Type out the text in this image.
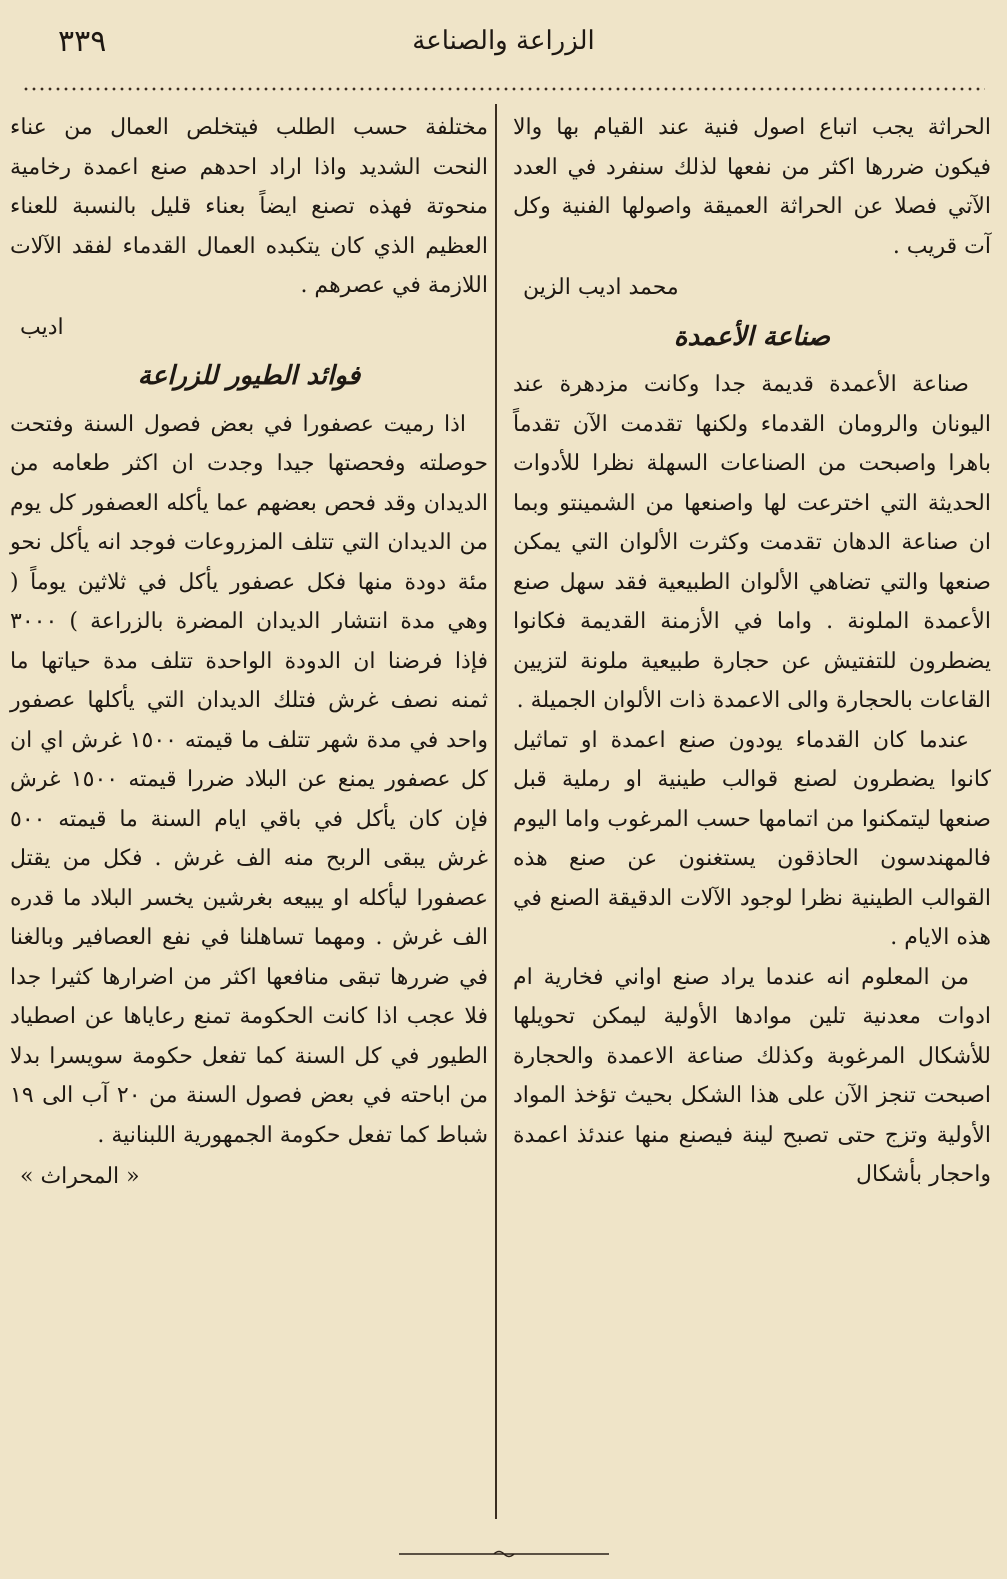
الزراعة والصناعة
٣٣٩

الحراثة يجب اتباع اصول فنية عند القيام بها والا فيكون ضررها اكثر من نفعها لذلك سنفرد في العدد الآتي فصلا عن الحراثة العميقة واصولها الفنية وكل آت قريب .

محمد اديب الزين
صناعة الأعمدة

صناعة الأعمدة قديمة جدا وكانت مزدهرة عند اليونان والرومان القدماء ولكنها تقدمت الآن تقدماً باهرا واصبحت من الصناعات السهلة نظرا للأدوات الحديثة التي اخترعت لها واصنعها من الشمينتو وبما ان صناعة الدهان تقدمت وكثرت الألوان التي يمكن صنعها والتي تضاهي الألوان الطبيعية فقد سهل صنع الأعمدة الملونة . واما في الأزمنة القديمة فكانوا يضطرون للتفتيش عن حجارة طبيعية ملونة لتزيين القاعات بالحجارة والى الاعمدة ذات الألوان الجميلة .

عندما كان القدماء يودون صنع اعمدة او تماثيل كانوا يضطرون لصنع قوالب طينية او رملية قبل صنعها ليتمكنوا من اتمامها حسب المرغوب واما اليوم فالمهندسون الحاذقون يستغنون عن صنع هذه القوالب الطينية نظرا لوجود الآلات الدقيقة الصنع في هذه الايام .

من المعلوم انه عندما يراد صنع اواني فخارية ام ادوات معدنية تلين موادها الأولية ليمكن تحويلها للأشكال المرغوبة وكذلك صناعة الاعمدة والحجارة اصبحت تنجز الآن على هذا الشكل بحيث تؤخذ المواد الأولية وتزج حتى تصبح لينة فيصنع منها عندئذ اعمدة واحجار بأشكال

مختلفة حسب الطلب فيتخلص العمال من عناء النحت الشديد واذا اراد احدهم صنع اعمدة رخامية منحوتة فهذه تصنع ايضاً بعناء قليل بالنسبة للعناء العظيم الذي كان يتكبده العمال القدماء لفقد الآلات اللازمة في عصرهم .

اديب
فوائد الطيور للزراعة

اذا رميت عصفورا في بعض فصول السنة وفتحت حوصلته وفحصتها جيدا وجدت ان اكثر طعامه من الديدان وقد فحص بعضهم عما يأكله العصفور كل يوم من الديدان التي تتلف المزروعات فوجد انه يأكل نحو مئة دودة منها فكل عصفور يأكل في ثلاثين يوماً ( وهي مدة انتشار الديدان المضرة بالزراعة ) ٣٠٠٠ فإذا فرضنا ان الدودة الواحدة تتلف مدة حياتها ما ثمنه نصف غرش فتلك الديدان التي يأكلها عصفور واحد في مدة شهر تتلف ما قيمته ١٥٠٠ غرش اي ان كل عصفور يمنع عن البلاد ضررا قيمته ١٥٠٠ غرش فإن كان يأكل في باقي ايام السنة ما قيمته ٥٠٠ غرش يبقى الربح منه الف غرش . فكل من يقتل عصفورا ليأكله او يبيعه بغرشين يخسر البلاد ما قدره الف غرش . ومهما تساهلنا في نفع العصافير وبالغنا في ضررها تبقى منافعها اكثر من اضرارها كثيرا جدا فلا عجب اذا كانت الحكومة تمنع رعاياها عن اصطياد الطيور في كل السنة كما تفعل حكومة سويسرا بدلا من اباحته في بعض فصول السنة من ٢٠ آب الى ١٩ شباط كما تفعل حكومة الجمهورية اللبنانية .

« المحراث »
